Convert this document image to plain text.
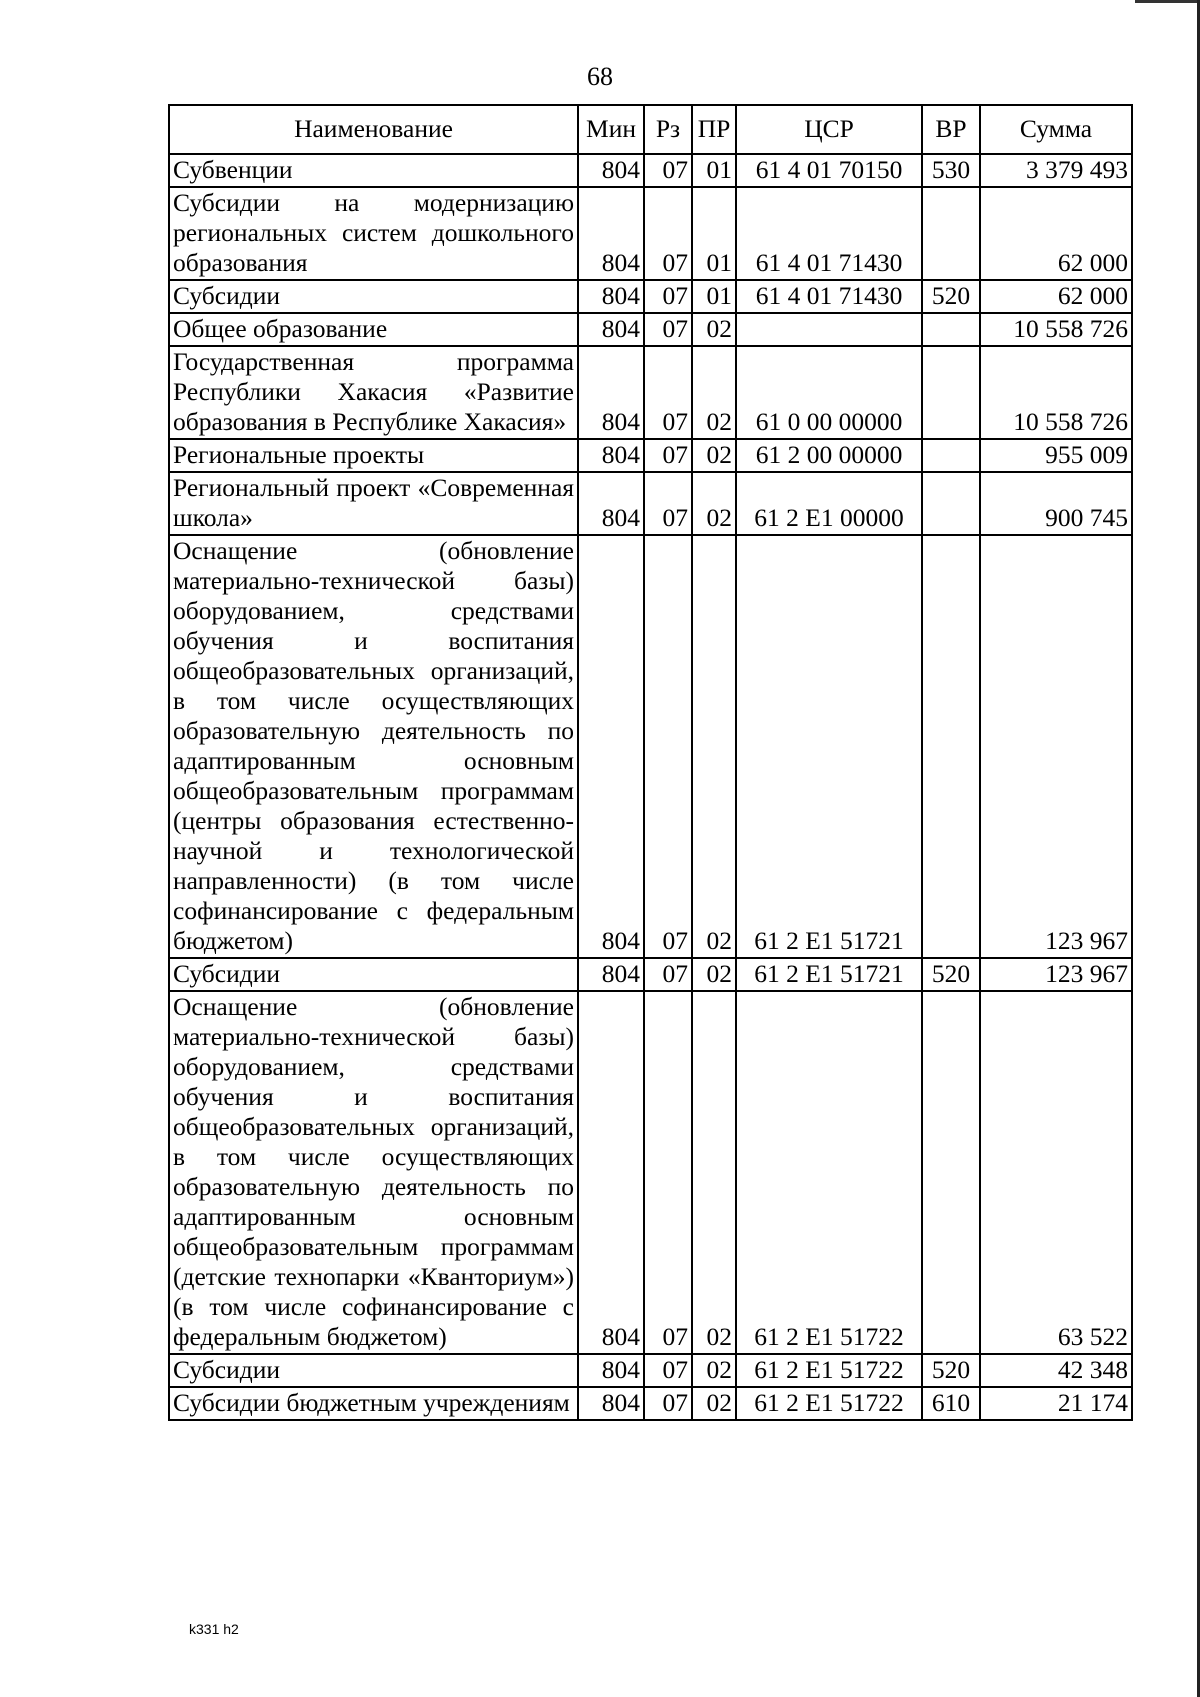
68
Наименование	Мин	Рз	ПР	ЦСР	ВР	Сумма
Субвенции	804	07	01	61 4 01 70150	530	3 379 493
Субсидии на модернизацию региональных систем дошкольного образования	804	07	01	61 4 01 71430		62 000
Субсидии	804	07	01	61 4 01 71430	520	62 000
Общее образование	804	07	02			10 558 726
Государственная программа Республики Хакасия «Развитие образования в Республике Хакасия»	804	07	02	61 0 00 00000		10 558 726
Региональные проекты	804	07	02	61 2 00 00000		955 009
Региональный проект «Современная школа»	804	07	02	61 2 E1 00000		900 745
Оснащение (обновление материально-технической базы) оборудованием, средствами обучения и воспитания общеобразовательных организаций, в том числе осуществляющих образовательную деятельность по адаптированным основным общеобразовательным программам (центры образования естественно-научной и технологической направленности) (в том числе софинансирование с федеральным бюджетом)	804	07	02	61 2 E1 51721		123 967
Субсидии	804	07	02	61 2 E1 51721	520	123 967
Оснащение (обновление материально-технической базы) оборудованием, средствами обучения и воспитания общеобразовательных организаций, в том числе осуществляющих образовательную деятельность по адаптированным основным общеобразовательным программам (детские технопарки «Кванториум») (в том числе софинансирование с федеральным бюджетом)	804	07	02	61 2 E1 51722		63 522
Субсидии	804	07	02	61 2 E1 51722	520	42 348
Субсидии бюджетным учреждениям	804	07	02	61 2 E1 51722	610	21 174
k331 h2
